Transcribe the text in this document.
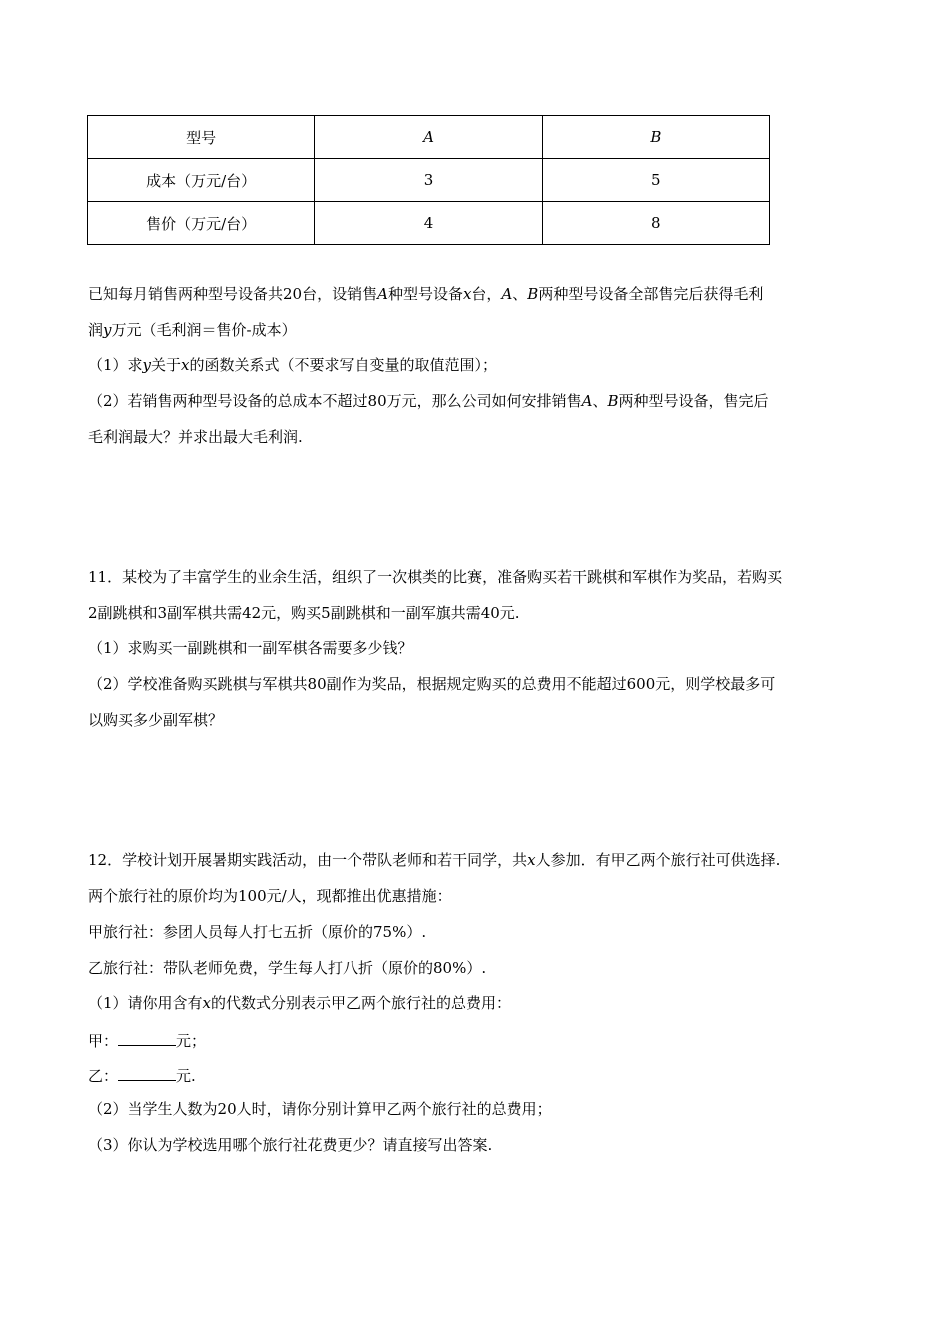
型号	A	B
成本（万元/台）	3	5
售价（万元/台）	4	8
已知每月销售两种型号设备共20台，设销售A种型号设备x台，A、B两种型号设备全部售完后获得毛利
润y万元（毛利润＝售价-成本）
（1）求y关于x的函数关系式（不要求写自变量的取值范围）；
（2）若销售两种型号设备的总成本不超过80万元，那么公司如何安排销售A、B两种型号设备，售完后
毛利润最大？并求出最大毛利润.
11．某校为了丰富学生的业余生活，组织了一次棋类的比赛，准备购买若干跳棋和军棋作为奖品，若购买
2副跳棋和3副军棋共需42元，购买5副跳棋和一副军旗共需40元.
（1）求购买一副跳棋和一副军棋各需要多少钱？
（2）学校准备购买跳棋与军棋共80副作为奖品，根据规定购买的总费用不能超过600元，则学校最多可
以购买多少副军棋？
12．学校计划开展暑期实践活动，由一个带队老师和若干同学，共x人参加．有甲乙两个旅行社可供选择.
两个旅行社的原价均为100元/人，现都推出优惠措施：
甲旅行社：参团人员每人打七五折（原价的75%）.
乙旅行社：带队老师免费，学生每人打八折（原价的80%）.
（1）请你用含有x的代数式分别表示甲乙两个旅行社的总费用：
甲：	元；
乙：	元.
（2）当学生人数为20人时，请你分别计算甲乙两个旅行社的总费用；
（3）你认为学校选用哪个旅行社花费更少？请直接写出答案.
